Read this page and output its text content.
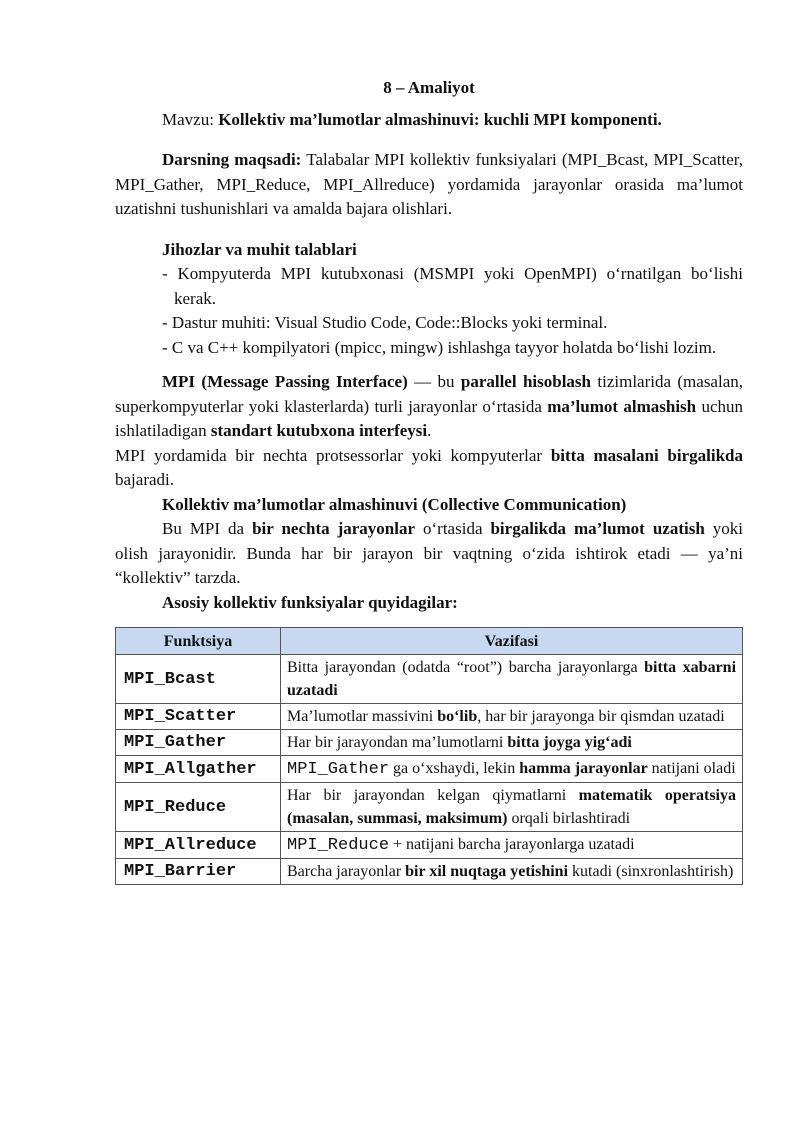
8 – Amaliyot

Mavzu: Kollektiv ma’lumotlar almashinuvi: kuchli MPI komponenti.

Darsning maqsadi: Talabalar MPI kollektiv funksiyalari (MPI_Bcast, MPI_Scatter, MPI_Gather, MPI_Reduce, MPI_Allreduce) yordamida jarayonlar orasida ma’lumot uzatishni tushunishlari va amalda bajara olishlari.

Jihozlar va muhit talablari

- Kompyuterda MPI kutubxonasi (MSMPI yoki OpenMPI) o‘rnatilgan bo‘lishi kerak.
- Dastur muhiti: Visual Studio Code, Code::Blocks yoki terminal.
- C va C++ kompilyatori (mpicc, mingw) ishlashga tayyor holatda bo‘lishi lozim.

MPI (Message Passing Interface) — bu parallel hisoblash tizimlarida (masalan, superkompyuterlar yoki klasterlarda) turli jarayonlar o‘rtasida ma’lumot almashish uchun ishlatiladigan standart kutubxona interfeysi.

MPI yordamida bir nechta protsessorlar yoki kompyuterlar bitta masalani birgalikda bajaradi.

Kollektiv ma’lumotlar almashinuvi (Collective Communication)

Bu MPI da bir nechta jarayonlar o‘rtasida birgalikda ma’lumot uzatish yoki olish jarayonidir. Bunda har bir jarayon bir vaqtning o‘zida ishtirok etadi — ya’ni “kollektiv” tarzda.

Asosiy kollektiv funksiyalar quyidagilar:

Funktsiya	Vazifasi
MPI_Bcast	Bitta jarayondan (odatda “root”) barcha jarayonlarga bitta xabarni uzatadi
MPI_Scatter	Ma’lumotlar massivini bo‘lib, har bir jarayonga bir qismdan uzatadi
MPI_Gather	Har bir jarayondan ma’lumotlarni bitta joyga yig‘adi
MPI_Allgather	MPI_Gather ga o‘xshaydi, lekin hamma jarayonlar natijani oladi
MPI_Reduce	Har bir jarayondan kelgan qiymatlarni matematik operatsiya (masalan, summasi, maksimum) orqali birlashtiradi
MPI_Allreduce	MPI_Reduce + natijani barcha jarayonlarga uzatadi
MPI_Barrier	Barcha jarayonlar bir xil nuqtaga yetishini kutadi (sinxronlashtirish)
